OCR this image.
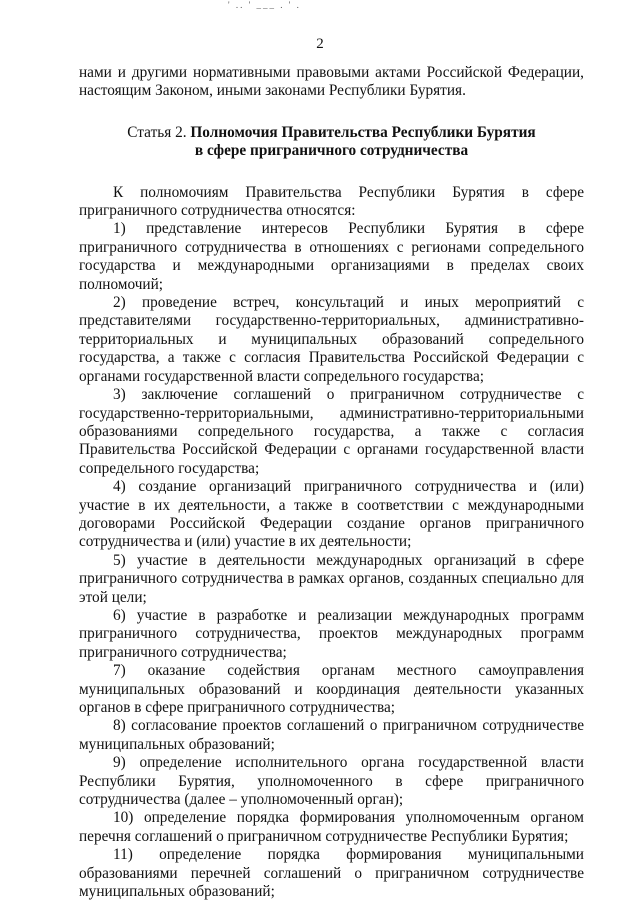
' .. ' ___ . ' .
2

нами и другими нормативными правовыми актами Российской Федерации, настоящим Законом, иными законами Республики Бурятия.

Статья 2. Полномочия Правительства Республики Бурятия
в сфере приграничного сотрудничества

К полномочиям Правительства Республики Бурятия в сфере приграничного сотрудничества относятся:

1) представление интересов Республики Бурятия в сфере приграничного сотрудничества в отношениях с регионами сопредельного государства и международными организациями в пределах своих полномочий;

2) проведение встреч, консультаций и иных мероприятий с представителями государственно-территориальных, административно-территориальных и муниципальных образований сопредельного государства, а также с согласия Правительства Российской Федерации с органами государственной власти сопредельного государства;

3) заключение соглашений о приграничном сотрудничестве с государственно-территориальными, административно-территориальными образованиями сопредельного государства, а также с согласия Правительства Российской Федерации с органами государственной власти сопредельного государства;

4) создание организаций приграничного сотрудничества и (или) участие в их деятельности, а также в соответствии с международными договорами Российской Федерации создание органов приграничного сотрудничества и (или) участие в их деятельности;

5) участие в деятельности международных организаций в сфере приграничного сотрудничества в рамках органов, созданных специально для этой цели;

6) участие в разработке и реализации международных программ приграничного сотрудничества, проектов международных программ приграничного сотрудничества;

7) оказание содействия органам местного самоуправления муниципальных образований и координация деятельности указанных органов в сфере приграничного сотрудничества;

8) согласование проектов соглашений о приграничном сотрудничестве муниципальных образований;

9) определение исполнительного органа государственной власти Республики Бурятия, уполномоченного в сфере приграничного сотрудничества (далее – уполномоченный орган);

10) определение порядка формирования уполномоченным органом перечня соглашений о приграничном сотрудничестве Республики Бурятия;

11) определение порядка формирования муниципальными образованиями перечней соглашений о приграничном сотрудничестве муниципальных образований;
